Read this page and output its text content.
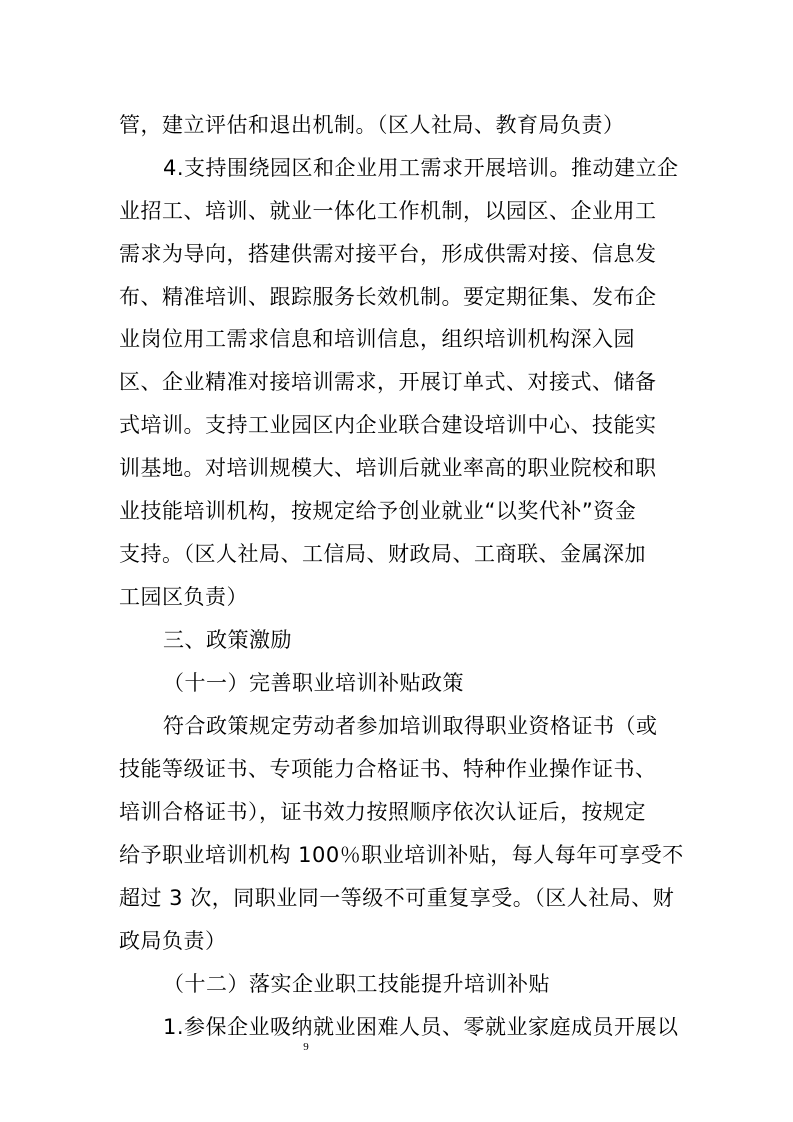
管，建立评估和退出机制。（区人社局、教育局负责）
4.支持围绕园区和企业用工需求开展培训。推动建立企
业招工、培训、就业一体化工作机制，以园区、企业用工
需求为导向，搭建供需对接平台，形成供需对接、信息发
布、精准培训、跟踪服务长效机制。要定期征集、发布企
业岗位用工需求信息和培训信息，组织培训机构深入园
区、企业精准对接培训需求，开展订单式、对接式、储备
式培训。支持工业园区内企业联合建设培训中心、技能实
训基地。对培训规模大、培训后就业率高的职业院校和职
业技能培训机构，按规定给予创业就业“以奖代补”资金
支持。（区人社局、工信局、财政局、工商联、金属深加
工园区负责）
三、政策激励
（十一）完善职业培训补贴政策
符合政策规定劳动者参加培训取得职业资格证书（或
技能等级证书、专项能力合格证书、特种作业操作证书、
培训合格证书），证书效力按照顺序依次认证后，按规定
给予职业培训机构 100％职业培训补贴，每人每年可享受不
超过 3 次，同职业同一等级不可重复享受。（区人社局、财
政局负责）
（十二）落实企业职工技能提升培训补贴
1.参保企业吸纳就业困难人员、零就业家庭成员开展以
9
